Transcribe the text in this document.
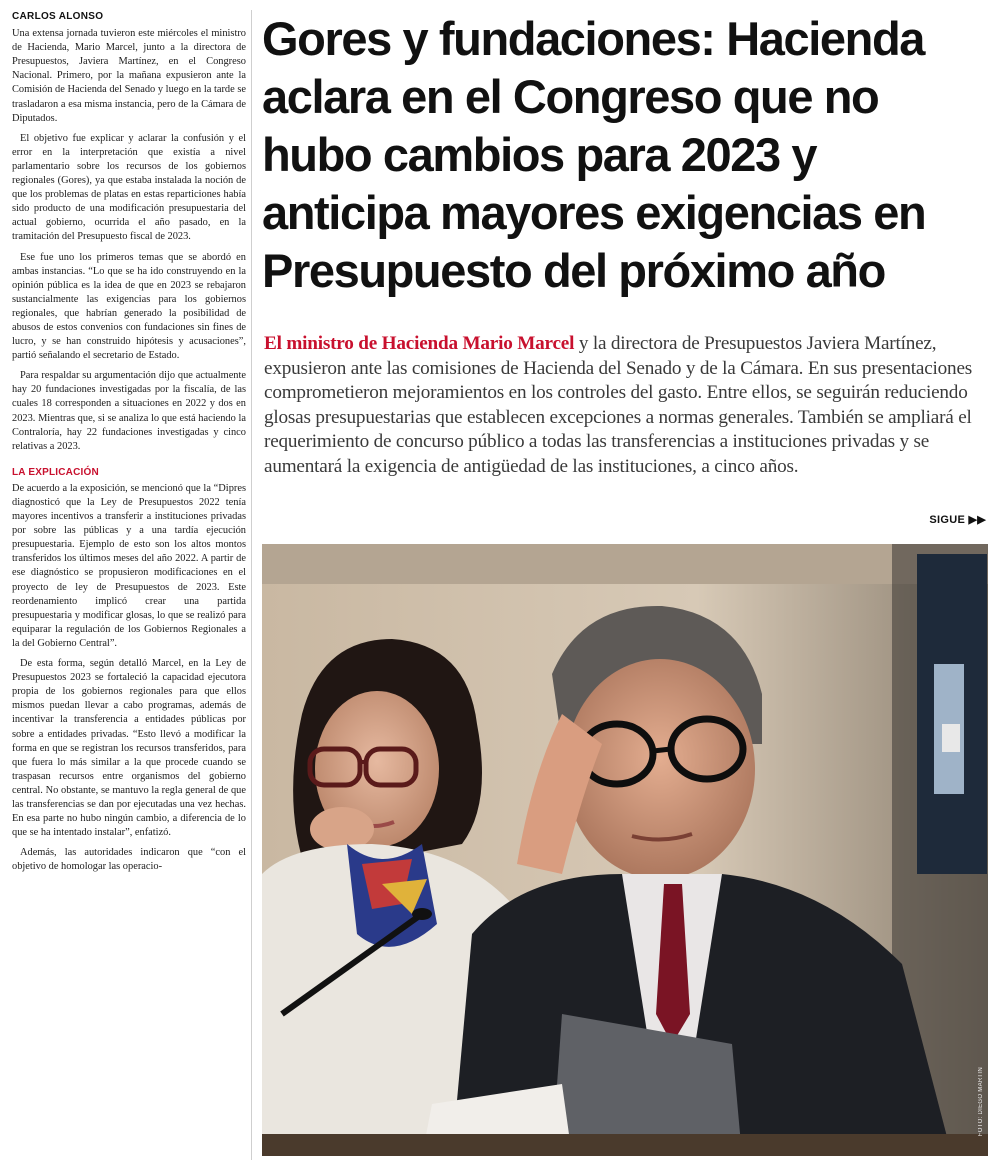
CARLOS ALONSO

Una extensa jornada tuvieron este miércoles el ministro de Hacienda, Mario Marcel, junto a la directora de Presupuestos, Javiera Martínez, en el Congreso Nacional. Primero, por la mañana expusieron ante la Comisión de Hacienda del Senado y luego en la tarde se trasladaron a esa misma instancia, pero de la Cámara de Diputados.

El objetivo fue explicar y aclarar la confusión y el error en la interpretación que existía a nivel parlamentario sobre los recursos de los gobiernos regionales (Gores), ya que estaba instalada la noción de que los problemas de platas en estas reparticiones había sido producto de una modificación presupuestaria del actual gobierno, ocurrida el año pasado, en la tramitación del Presupuesto fiscal de 2023.

Ese fue uno los primeros temas que se abordó en ambas instancias. “Lo que se ha ido construyendo en la opinión pública es la idea de que en 2023 se rebajaron sustancialmente las exigencias para los gobiernos regionales, que habrían generado la posibilidad de abusos de estos convenios con fundaciones sin fines de lucro, y se han construido hipótesis y acusaciones”, partió señalando el secretario de Estado.

Para respaldar su argumentación dijo que actualmente hay 20 fundaciones investigadas por la fiscalía, de las cuales 18 corresponden a situaciones en 2022 y dos en 2023. Mientras que, si se analiza lo que está haciendo la Contraloría, hay 22 fundaciones investigadas y cinco relativas a 2023.

LA EXPLICACIÓN

De acuerdo a la exposición, se mencionó que la “Dipres diagnosticó que la Ley de Presupuestos 2022 tenía mayores incentivos a transferir a instituciones privadas por sobre las públicas y a una tardía ejecución presupuestaria. Ejemplo de esto son los altos montos transferidos los últimos meses del año 2022. A partir de ese diagnóstico se propusieron modificaciones en el proyecto de ley de Presupuestos de 2023. Este reordenamiento implicó crear una partida presupuestaria y modificar glosas, lo que se realizó para equiparar la regulación de los Gobiernos Regionales a la del Gobierno Central”.

De esta forma, según detalló Marcel, en la Ley de Presupuestos 2023 se fortaleció la capacidad ejecutora propia de los gobiernos regionales para que ellos mismos puedan llevar a cabo programas, además de incentivar la transferencia a entidades públicas por sobre a entidades privadas. “Esto llevó a modificar la forma en que se registran los recursos transferidos, para que fuera lo más similar a la que procede cuando se traspasan recursos entre organismos del gobierno central. No obstante, se mantuvo la regla general de que las transferencias se dan por ejecutadas una vez hechas. En esa parte no hubo ningún cambio, a diferencia de lo que se ha intentado instalar”, enfatizó.

Además, las autoridades indicaron que “con el objetivo de homologar las operacio-

Gores y fundaciones: Hacienda aclara en el Congreso que no hubo cambios para 2023 y anticipa mayores exigencias en Presupuesto del próximo año

El ministro de Hacienda Mario Marcel y la directora de Presupuestos Javiera Martínez, expusieron ante las comisiones de Hacienda del Senado y de la Cámara. En sus presentaciones comprometieron mejoramientos en los controles del gasto. Entre ellos, se seguirán reduciendo glosas presupuestarias que establecen excepciones a normas generales. También se ampliará el requerimiento de concurso público a todas las transferencias a instituciones privadas y se aumentará la exigencia de antigüedad de las instituciones, a cinco años.

SIGUE ▶▶
FOTO: DIEGO MARTIN
